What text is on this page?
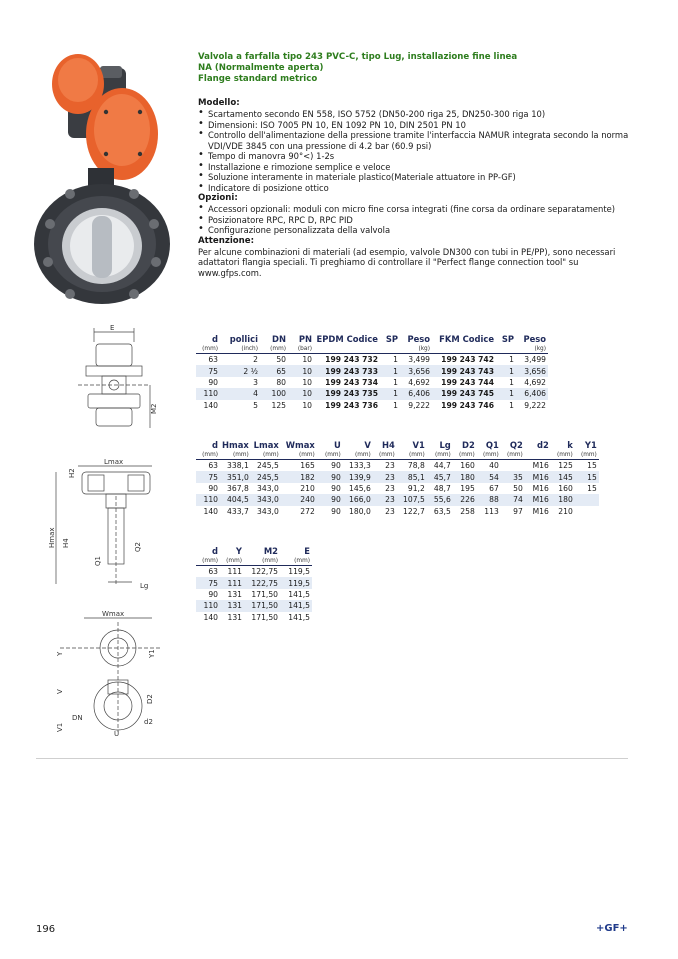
Valvola a farfalla tipo 243 PVC-C, tipo Lug, installazione fine linea
NA (Normalmente aperta)
Flange standard metrico
Modello:
• Scartamento secondo EN 558, ISO 5752 (DN50-200 riga 25, DN250-300 riga 10)
• Dimensioni: ISO 7005 PN 10, EN 1092 PN 10, DIN 2501 PN 10
• Controllo dell'alimentazione della pressione tramite l'interfaccia NAMUR integrata secondo la norma VDI/VDE 3845 con una pressione di 4.2 bar (60.9 psi)
• Tempo di manovra 90°<) 1-2s
• Installazione e rimozione semplice e veloce
• Soluzione interamente in materiale plastico(Materiale attuatore in PP-GF)
• Indicatore di posizione ottico
Opzioni:
• Accessori opzionali: moduli con micro fine corsa integrati (fine corsa da ordinare separatamente)
• Posizionatore RPC, RPC D, RPC PID
• Configurazione personalizzata della valvola
Attenzione:
Per alcune combinazioni di materiali (ad esempio, valvole DN300 con tubi in PE/PP), sono necessari adattatori flangia speciali. Ti preghiamo di controllare il "Perfect flange connection tool" su www.gfps.com.
d	pollici	DN	PN	EPDM Codice	SP	Peso	FKM Codice	SP	Peso
(mm)	(inch)	(mm)	(bar)			(kg)			(kg)
63	2	50	10	199 243 732	1	3,499	199 243 742	1	3,499
75	2 ½	65	10	199 243 733	1	3,656	199 243 743	1	3,656
90	3	80	10	199 243 734	1	4,692	199 243 744	1	4,692
110	4	100	10	199 243 735	1	6,406	199 243 745	1	6,406
140	5	125	10	199 243 736	1	9,222	199 243 746	1	9,222
d	Hmax	Lmax	Wmax	U	V	H4	V1	Lg	D2	Q1	Q2	d2	k	Y1
(mm)	(mm)	(mm)	(mm)	(mm)	(mm)	(mm)	(mm)	(mm)	(mm)	(mm)	(mm)		(mm)	(mm)
63	338,1	245,5	165	90	133,3	23	78,8	44,7	160	40		M16	125	15
75	351,0	245,5	182	90	139,9	23	85,1	45,7	180	54	35	M16	145	15
90	367,8	343,0	210	90	145,6	23	91,2	48,7	195	67	50	M16	160	15
110	404,5	343,0	240	90	166,0	23	107,5	55,6	226	88	74	M16	180	
140	433,7	343,0	272	90	180,0	23	122,7	63,5	258	113	97	M16	210	
d	Y	M2	E
(mm)	(mm)	(mm)	(mm)
63	111	122,75	119,5
75	111	122,75	119,5
90	131	171,50	141,5
110	131	171,50	141,5
140	131	171,50	141,5
E
M2
Lmax
H2
Hmax H4
Q1
Q2
Lg
Wmax
Y	Y1
V
D2
V1
DN	d2
U
196	+GF+
